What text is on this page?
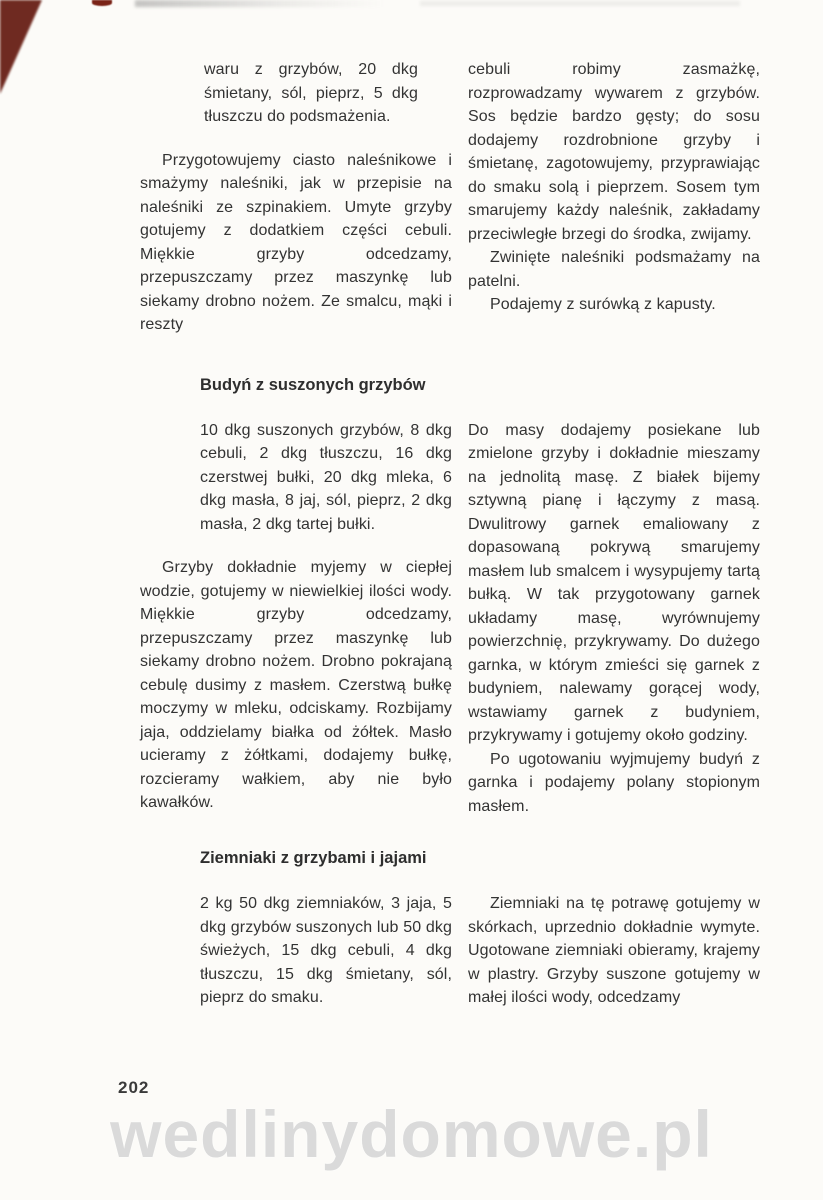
waru z grzybów, 20 dkg śmietany, sól, pieprz, 5 dkg tłuszczu do podsmażenia.

Przygotowujemy ciasto naleśnikowe i smażymy naleśniki, jak w przepisie na naleśniki ze szpinakiem. Umyte grzyby gotujemy z dodatkiem części cebuli. Miękkie grzyby odcedzamy, przepuszczamy przez maszynkę lub siekamy drobno nożem. Ze smalcu, mąki i reszty

cebuli robimy zasmażkę, rozprowadzamy wywarem z grzybów. Sos będzie bardzo gęsty; do sosu dodajemy rozdrobnione grzyby i śmietanę, zagotowujemy, przyprawiając do smaku solą i pieprzem. Sosem tym smarujemy każdy naleśnik, zakładamy przeciwległe brzegi do środka, zwijamy.

Zwinięte naleśniki podsmażamy na patelni.

Podajemy z surówką z kapusty.

Budyń z suszonych grzybów

10 dkg suszonych grzybów, 8 dkg cebuli, 2 dkg tłuszczu, 16 dkg czerstwej bułki, 20 dkg mleka, 6 dkg masła, 8 jaj, sól, pieprz, 2 dkg masła, 2 dkg tartej bułki.

Grzyby dokładnie myjemy w ciepłej wodzie, gotujemy w niewielkiej ilości wody. Miękkie grzyby odcedzamy, przepuszczamy przez maszynkę lub siekamy drobno nożem. Drobno pokrajaną cebulę dusimy z masłem. Czerstwą bułkę moczymy w mleku, odciskamy. Rozbijamy jaja, oddzielamy białka od żółtek. Masło ucieramy z żółtkami, dodajemy bułkę, rozcieramy wałkiem, aby nie było kawałków.

Do masy dodajemy posiekane lub zmielone grzyby i dokładnie mieszamy na jednolitą masę. Z białek bijemy sztywną pianę i łączymy z masą. Dwulitrowy garnek emaliowany z dopasowaną pokrywą smarujemy masłem lub smalcem i wysypujemy tartą bułką. W tak przygotowany garnek układamy masę, wyrównujemy powierzchnię, przykrywamy. Do dużego garnka, w którym zmieści się garnek z budyniem, nalewamy gorącej wody, wstawiamy garnek z budyniem, przykrywamy i gotujemy około godziny.

Po ugotowaniu wyjmujemy budyń z garnka i podajemy polany stopionym masłem.

Ziemniaki z grzybami i jajami

2 kg 50 dkg ziemniaków, 3 jaja, 5 dkg grzybów suszonych lub 50 dkg świeżych, 15 dkg cebuli, 4 dkg tłuszczu, 15 dkg śmietany, sól, pieprz do smaku.

Ziemniaki na tę potrawę gotujemy w skórkach, uprzednio dokładnie wymyte. Ugotowane ziemniaki obieramy, krajemy w plastry. Grzyby suszone gotujemy w małej ilości wody, odcedzamy

202
wedlinydomowe.pl
